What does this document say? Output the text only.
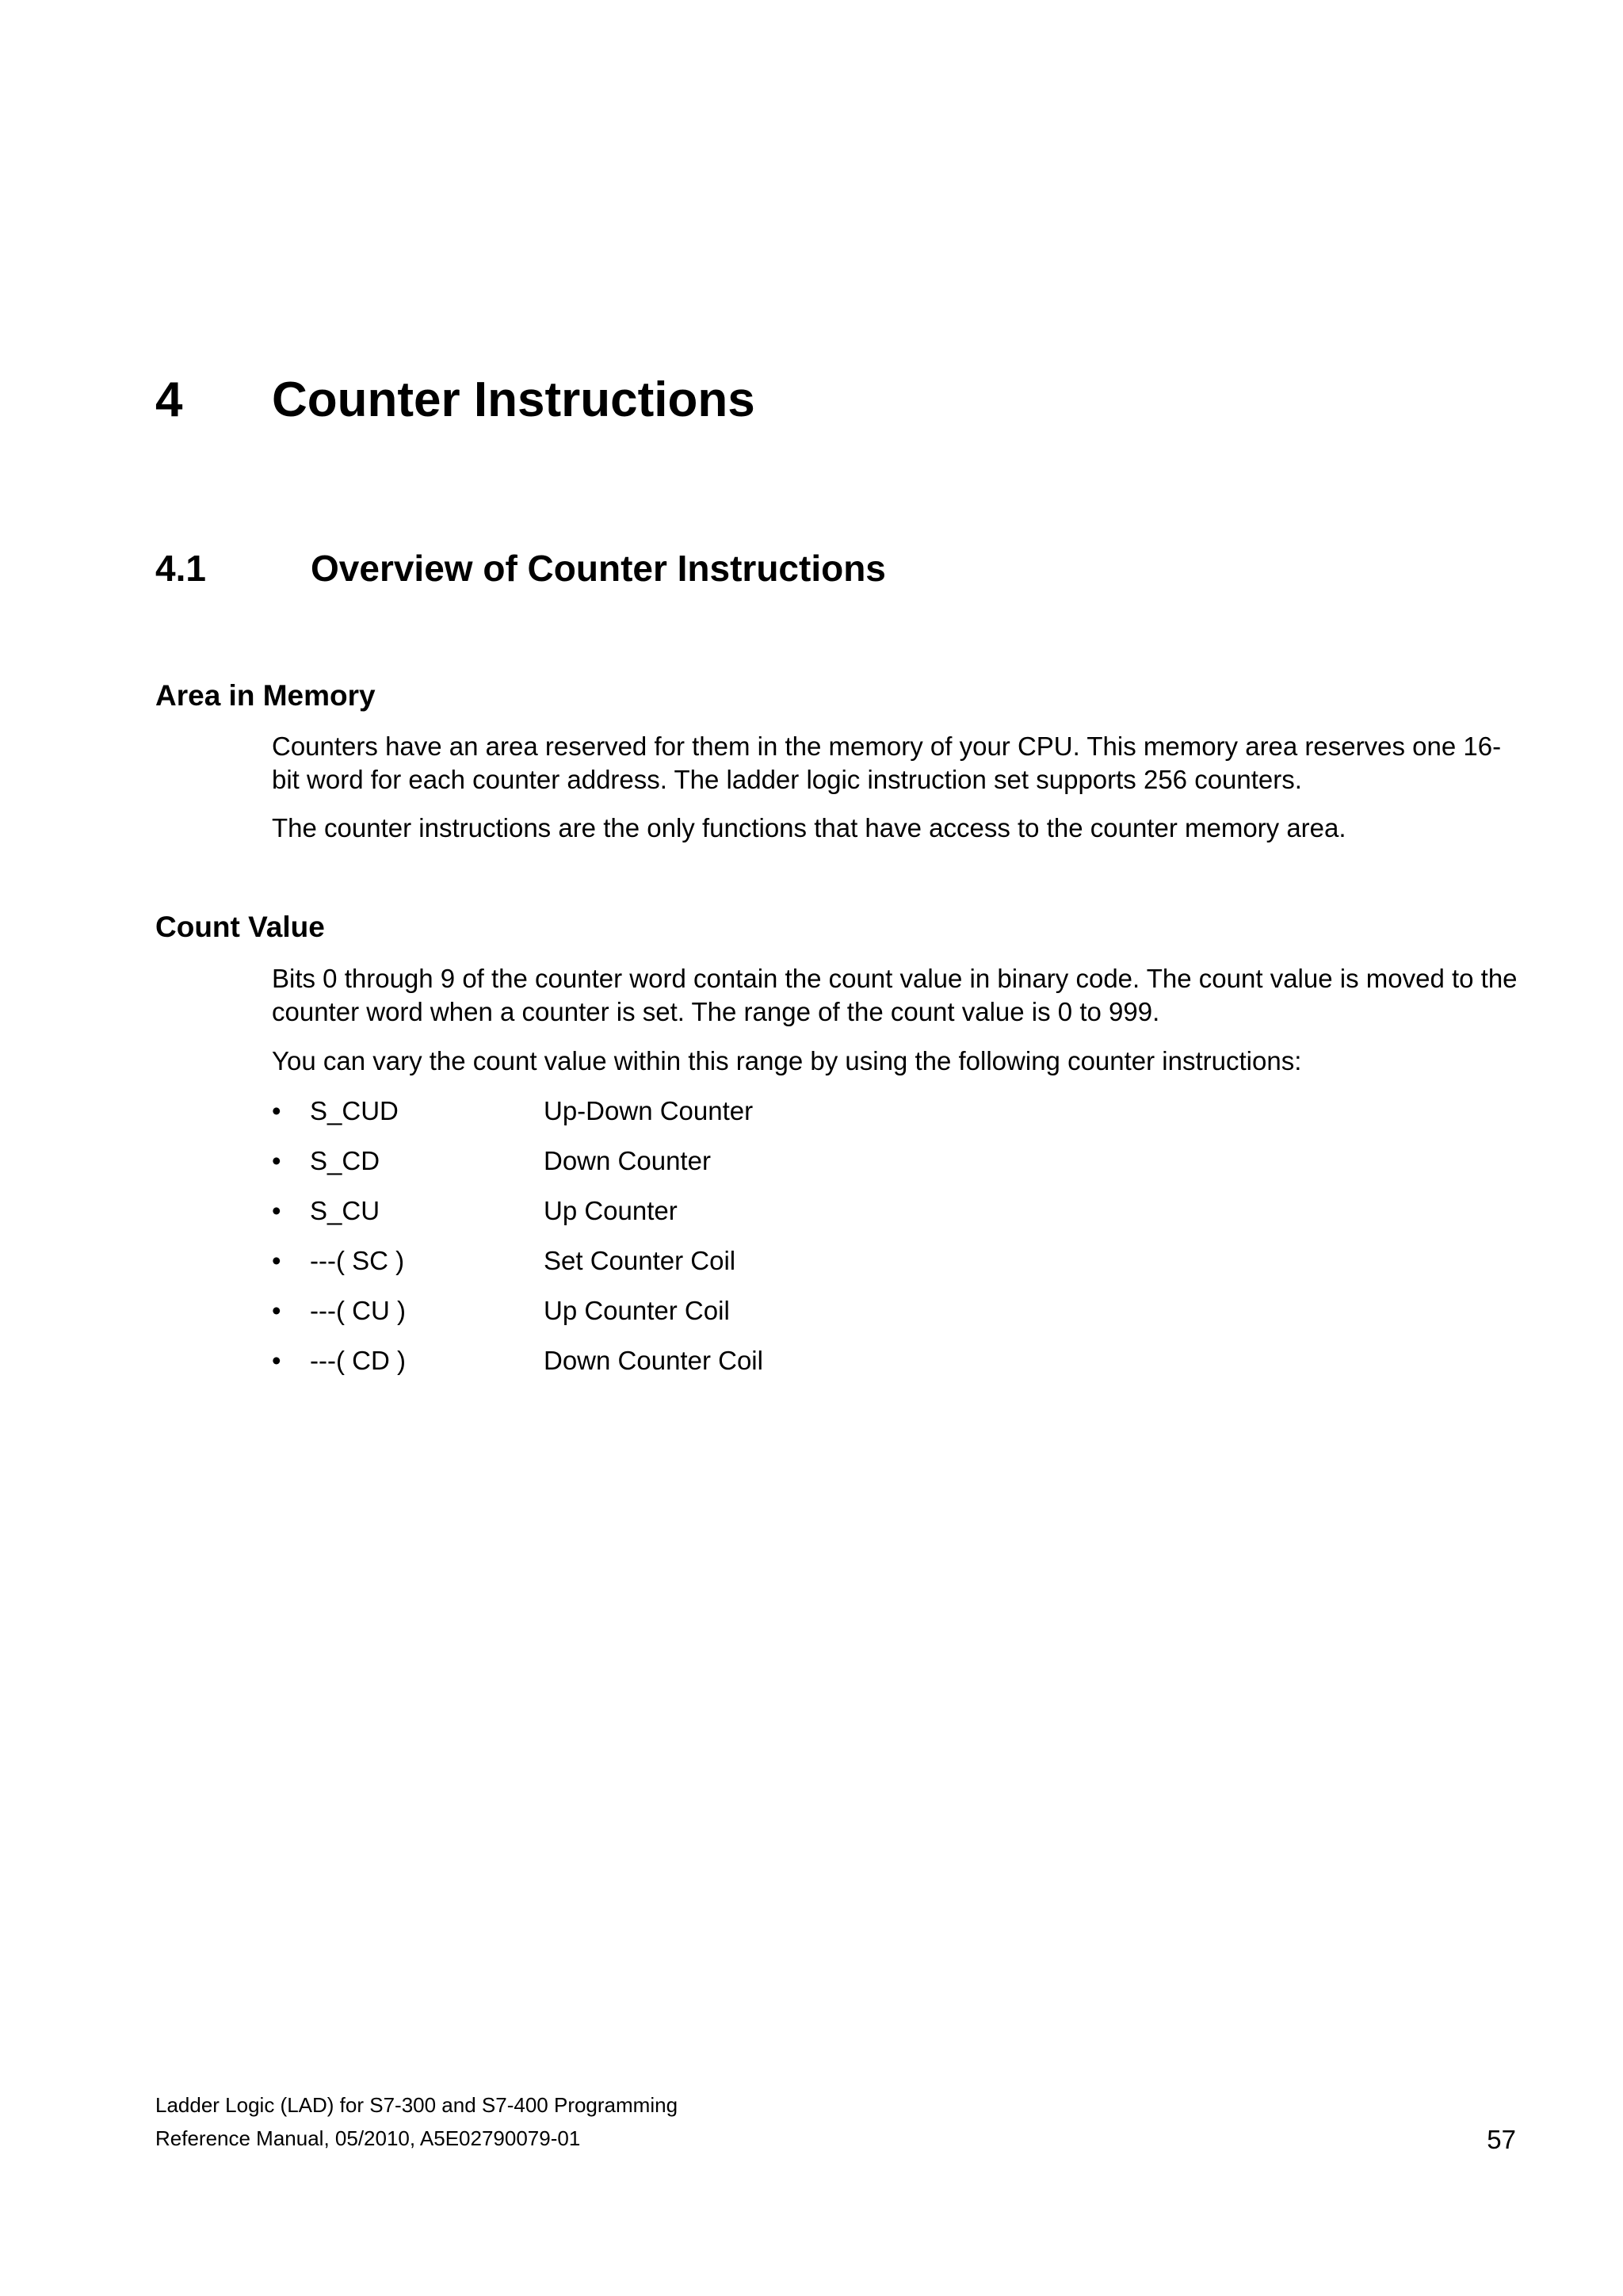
4 Counter Instructions
4.1	Overview of Counter Instructions
Area in Memory

Counters have an area reserved for them in the memory of your CPU. This memory area reserves one 16-bit word for each counter address. The ladder logic instruction set supports 256 counters.

The counter instructions are the only functions that have access to the counter memory area.

Count Value

Bits 0 through 9 of the counter word contain the count value in binary code. The count value is moved to the counter word when a counter is set. The range of the count value is 0 to 999.

You can vary the count value within this range by using the following counter instructions:

• S_CUD	Up-Down Counter
• S_CD	Down Counter
• S_CU	Up Counter
• ---( SC )	Set Counter Coil
• ---( CU )	Up Counter Coil
• ---( CD )	Down Counter Coil

Ladder Logic (LAD) for S7-300 and S7-400 Programming

Reference Manual, 05/2010, A5E02790079-01	57
